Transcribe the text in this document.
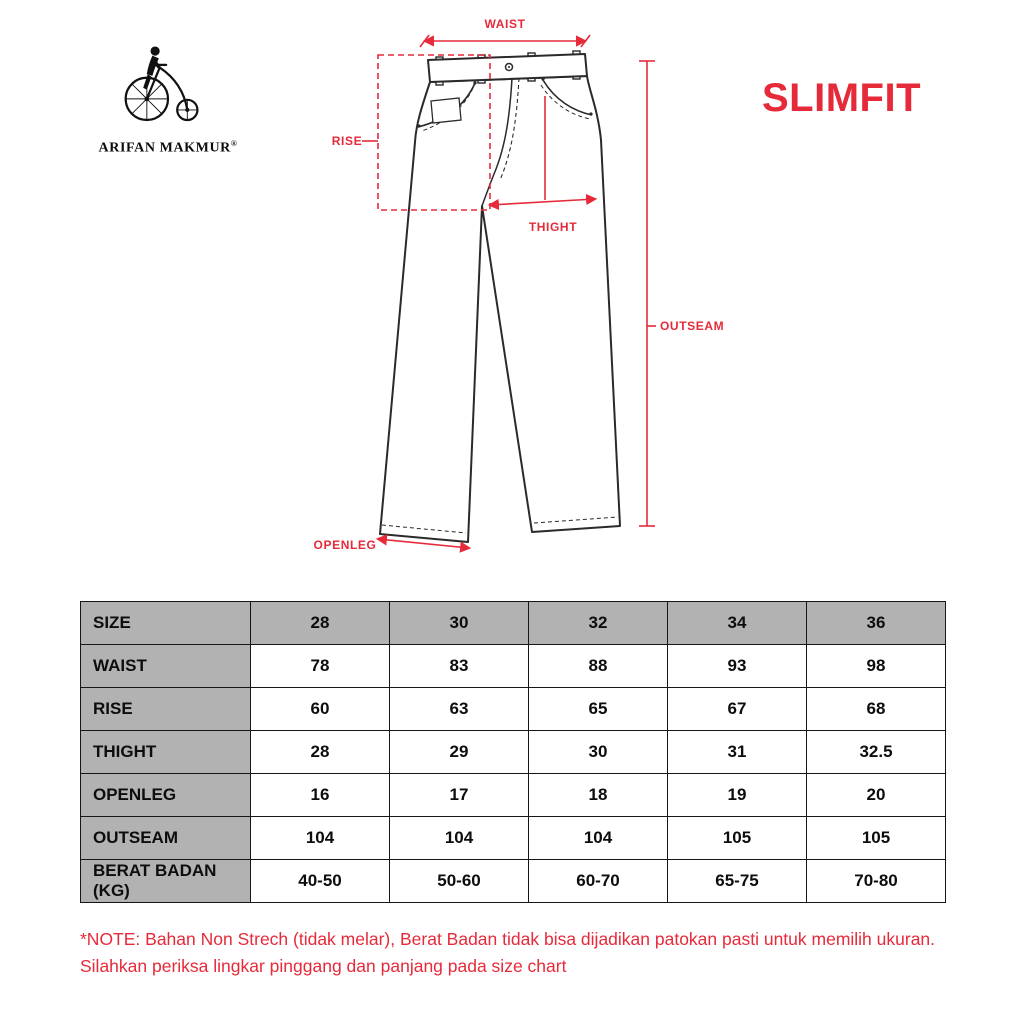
ARIFAN MAKMUR®
SLIMFIT
WAIST
RISE
THIGHT
OUTSEAM
OPENLEG
SIZE	28	30	32	34	36
WAIST	78	83	88	93	98
RISE	60	63	65	67	68
THIGHT	28	29	30	31	32.5
OPENLEG	16	17	18	19	20
OUTSEAM	104	104	104	105	105
BERAT BADAN (KG)	40-50	50-60	60-70	65-75	70-80
*NOTE: Bahan Non Strech (tidak melar), Berat Badan tidak bisa dijadikan patokan pasti untuk memilih ukuran.
Silahkan periksa lingkar pinggang dan panjang pada size chart
